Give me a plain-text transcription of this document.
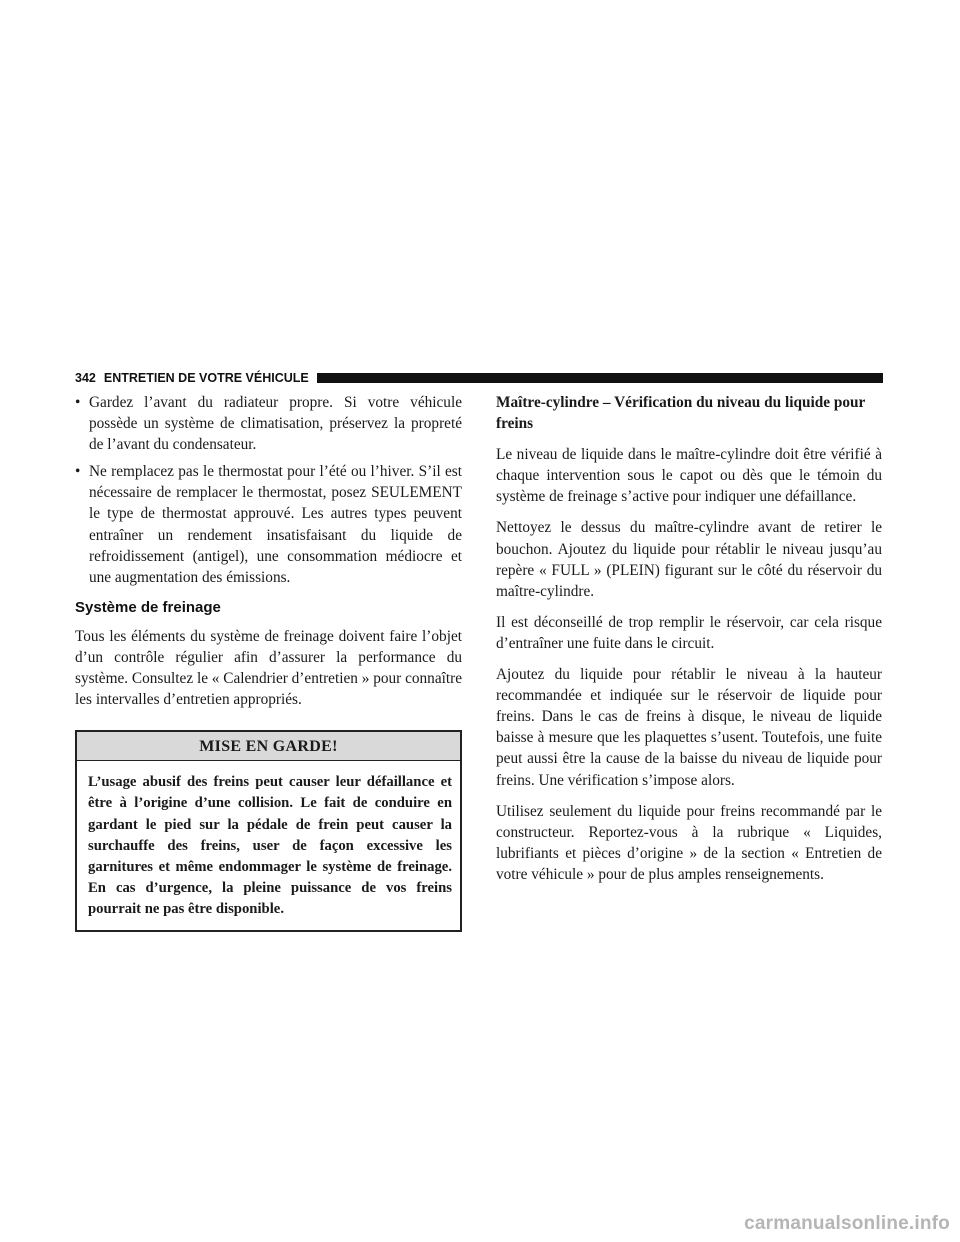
342 ENTRETIEN DE VOTRE VÉHICULE
• Gardez l’avant du radiateur propre. Si votre véhicule possède un système de climatisation, préservez la propreté de l’avant du condensateur.
• Ne remplacez pas le thermostat pour l’été ou l’hiver. S’il est nécessaire de remplacer le thermostat, posez SEULEMENT le type de thermostat approuvé. Les autres types peuvent entraîner un rendement insatisfaisant du liquide de refroidissement (antigel), une consommation médiocre et une augmentation des émissions.
Système de freinage

Tous les éléments du système de freinage doivent faire l’objet d’un contrôle régulier afin d’assurer la performance du système. Consultez le « Calendrier d’entretien » pour connaître les intervalles d’entretien appropriés.

MISE EN GARDE!
L’usage abusif des freins peut causer leur défaillance et être à l’origine d’une collision. Le fait de conduire en gardant le pied sur la pédale de frein peut causer la surchauffe des freins, user de façon excessive les garnitures et même endommager le système de freinage. En cas d’urgence, la pleine puissance de vos freins pourrait ne pas être disponible.
Maître-cylindre – Vérification du niveau du liquide pour freins

Le niveau de liquide dans le maître-cylindre doit être vérifié à chaque intervention sous le capot ou dès que le témoin du système de freinage s’active pour indiquer une défaillance.

Nettoyez le dessus du maître-cylindre avant de retirer le bouchon. Ajoutez du liquide pour rétablir le niveau jusqu’au repère « FULL » (PLEIN) figurant sur le côté du réservoir du maître-cylindre.

Il est déconseillé de trop remplir le réservoir, car cela risque d’entraîner une fuite dans le circuit.

Ajoutez du liquide pour rétablir le niveau à la hauteur recommandée et indiquée sur le réservoir de liquide pour freins. Dans le cas de freins à disque, le niveau de liquide baisse à mesure que les plaquettes s’usent. Toutefois, une fuite peut aussi être la cause de la baisse du niveau de liquide pour freins. Une vérification s’impose alors.

Utilisez seulement du liquide pour freins recommandé par le constructeur. Reportez-vous à la rubrique « Liquides, lubrifiants et pièces d’origine » de la section « Entretien de votre véhicule » pour de plus amples renseignements.

carmanualsonline.info
